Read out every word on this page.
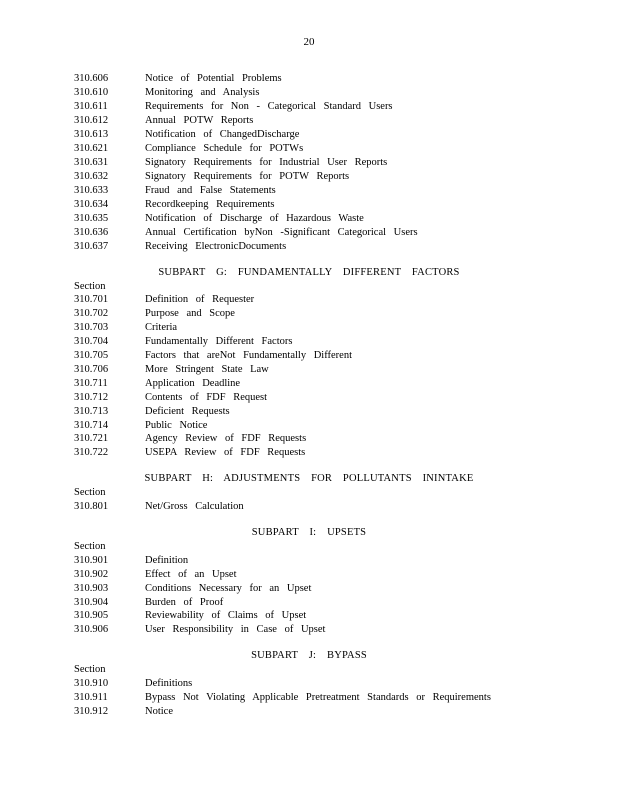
20
310.606	Notice of Potential Problems
310.610	Monitoring and Analysis
310.611	Requirements for Non - Categorical Standard Users
310.612	Annual POTW Reports
310.613	Notification of ChangedDischarge
310.621	Compliance Schedule for POTWs
310.631	Signatory Requirements for Industrial User Reports
310.632	Signatory Requirements for POTW Reports
310.633	Fraud and False Statements
310.634	Recordkeeping Requirements
310.635	Notification of Discharge of Hazardous Waste
310.636	Annual Certification byNon -Significant Categorical Users
310.637	Receiving ElectronicDocuments
SUBPART G: FUNDAMENTALLY DIFFERENT FACTORS
Section
310.701	Definition of Requester
310.702	Purpose and Scope
310.703	Criteria
310.704	Fundamentally Different Factors
310.705	Factors that areNot Fundamentally Different
310.706	More Stringent State Law
310.711	Application Deadline
310.712	Contents of FDF Request
310.713	Deficient Requests
310.714	Public Notice
310.721	Agency Review of FDF Requests
310.722	USEPA Review of FDF Requests
SUBPART H: ADJUSTMENTS FOR POLLUTANTS ININTAKE
Section
310.801	Net/Gross Calculation
SUBPART I: UPSETS
Section
310.901	Definition
310.902	Effect of an Upset
310.903	Conditions Necessary for an Upset
310.904	Burden of Proof
310.905	Reviewability of Claims of Upset
310.906	User Responsibility in Case of Upset
SUBPART J: BYPASS
Section
310.910	Definitions
310.911	Bypass Not Violating Applicable Pretreatment Standards or Requirements
310.912	Notice
